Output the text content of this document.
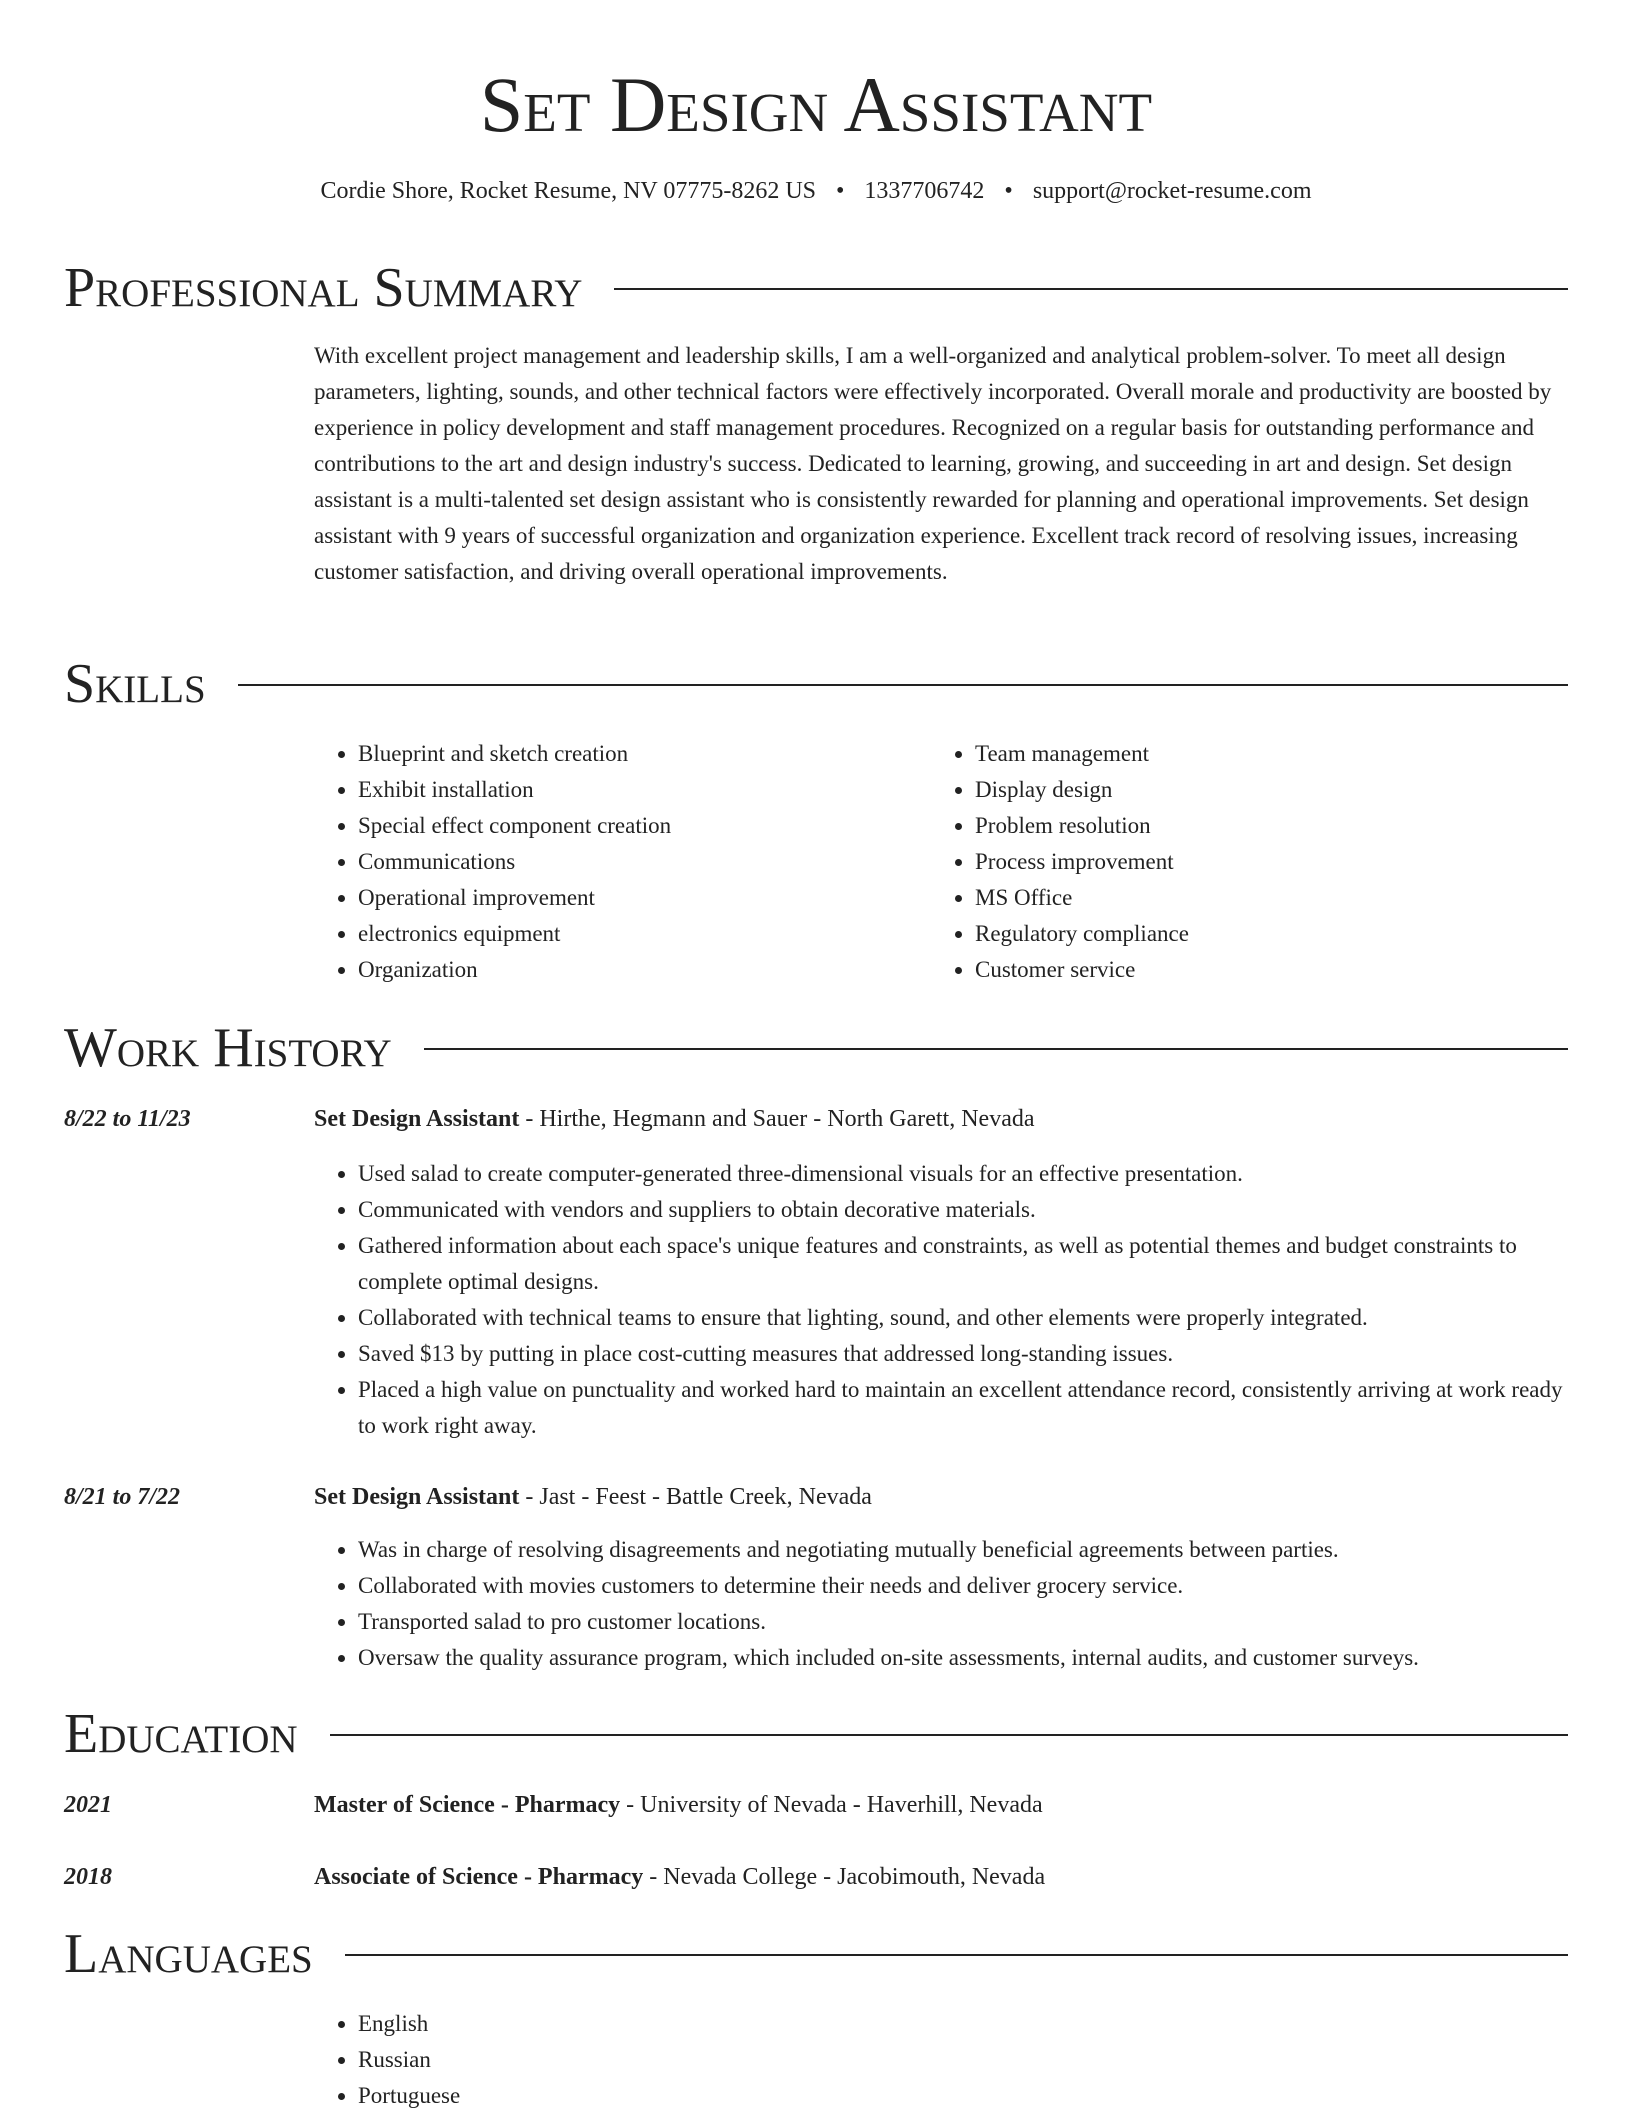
Set Design Assistant
Cordie Shore, Rocket Resume, NV 07775-8262 US • 1337706742 • support@rocket-resume.com
Professional Summary

With excellent project management and leadership skills, I am a well-organized and analytical problem-solver. To meet all design parameters, lighting, sounds, and other technical factors were effectively incorporated. Overall morale and productivity are boosted by experience in policy development and staff management procedures. Recognized on a regular basis for outstanding performance and contributions to the art and design industry's success. Dedicated to learning, growing, and succeeding in art and design. Set design assistant is a multi-talented set design assistant who is consistently rewarded for planning and operational improvements. Set design assistant with 9 years of successful organization and organization experience. Excellent track record of resolving issues, increasing customer satisfaction, and driving overall operational improvements.

Skills
• Blueprint and sketch creation
• Exhibit installation
• Special effect component creation
• Communications
• Operational improvement
• electronics equipment
• Organization
• Team management
• Display design
• Problem resolution
• Process improvement
• MS Office
• Regulatory compliance
• Customer service
Work History
8/22 to 11/23	Set Design Assistant - Hirthe, Hegmann and Sauer - North Garett, Nevada
• Used salad to create computer-generated three-dimensional visuals for an effective presentation.
• Communicated with vendors and suppliers to obtain decorative materials.
• Gathered information about each space's unique features and constraints, as well as potential themes and budget constraints to complete optimal designs.
• Collaborated with technical teams to ensure that lighting, sound, and other elements were properly integrated.
• Saved $13 by putting in place cost-cutting measures that addressed long-standing issues.
• Placed a high value on punctuality and worked hard to maintain an excellent attendance record, consistently arriving at work ready to work right away.
8/21 to 7/22	Set Design Assistant - Jast - Feest - Battle Creek, Nevada
• Was in charge of resolving disagreements and negotiating mutually beneficial agreements between parties.
• Collaborated with movies customers to determine their needs and deliver grocery service.
• Transported salad to pro customer locations.
• Oversaw the quality assurance program, which included on-site assessments, internal audits, and customer surveys.
Education
2021	Master of Science - Pharmacy - University of Nevada - Haverhill, Nevada
2018	Associate of Science - Pharmacy - Nevada College - Jacobimouth, Nevada
Languages
• English
• Russian
• Portuguese
